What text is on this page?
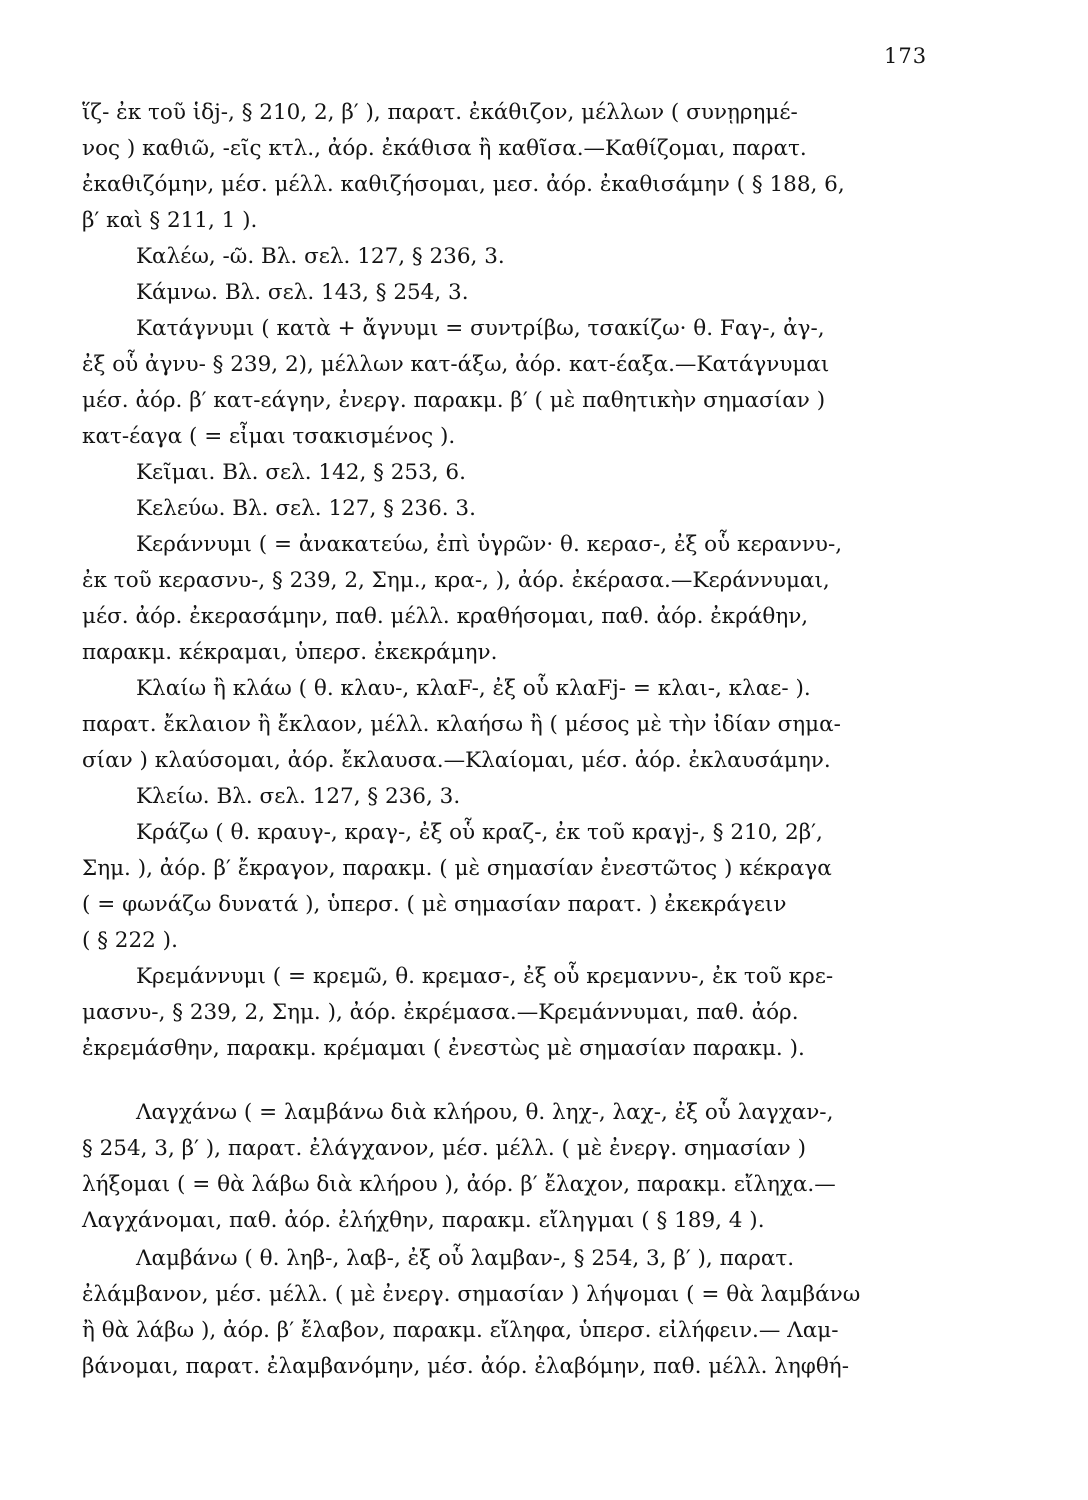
173
ἵζ- ἐκ τοῦ ἱδj-, § 210, 2, β′ ), παρατ. ἐκάθιζον, μέλλων ( συνῃρημέ-
νος ) καθιῶ, -εῖς κτλ., ἀόρ. ἐκάθισα ἢ καθῖσα.—Καθίζομαι, παρατ.
ἐκαθιζόμην, μέσ. μέλλ. καθιζήσομαι, μεσ. ἀόρ. ἐκαθισάμην ( § 188, 6,
β′ καὶ § 211, 1 ).
Καλέω, -ῶ. Βλ. σελ. 127, § 236, 3.
Κάμνω. Βλ. σελ. 143, § 254, 3.
Κατάγνυμι ( κατὰ + ἄγνυμι = συντρίβω, τσακίζω· θ. Fαγ-, ἀγ-,
ἐξ οὗ ἀγνυ- § 239, 2), μέλλων κατ-άξω, ἀόρ. κατ-έαξα.—Κατάγνυμαι
μέσ. ἀόρ. β′ κατ-εάγην, ἐνεργ. παρακμ. β′ ( μὲ παθητικὴν σημασίαν )
κατ-έαγα ( = εἶμαι τσακισμένος ).
Κεῖμαι. Βλ. σελ. 142, § 253, 6.
Κελεύω. Βλ. σελ. 127, § 236. 3.
Κεράννυμι ( = ἀνακατεύω, ἐπὶ ὑγρῶν· θ. κερασ-, ἐξ οὗ κεραννυ-,
ἐκ τοῦ κερασνυ-, § 239, 2, Σημ., κρα-, ), ἀόρ. ἐκέρασα.—Κεράννυμαι,
μέσ. ἀόρ. ἐκερασάμην, παθ. μέλλ. κραθήσομαι, παθ. ἀόρ. ἐκράθην,
παρακμ. κέκραμαι, ὑπερσ. ἐκεκράμην.
Κλαίω ἢ κλάω ( θ. κλαυ-, κλαF-, ἐξ οὗ κλαFj- = κλαι-, κλαε- ).
παρατ. ἔκλαιον ἢ ἔκλαον, μέλλ. κλαήσω ἢ ( μέσος μὲ τὴν ἰδίαν σημα-
σίαν ) κλαύσομαι, ἀόρ. ἔκλαυσα.—Κλαίομαι, μέσ. ἀόρ. ἐκλαυσάμην.
Κλείω. Βλ. σελ. 127, § 236, 3.
Κράζω ( θ. κραυγ-, κραγ-, ἐξ οὗ κραζ-, ἐκ τοῦ κραγj-, § 210, 2β′,
Σημ. ), ἀόρ. β′ ἔκραγον, παρακμ. ( μὲ σημασίαν ἐνεστῶτος ) κέκραγα
( = φωνάζω δυνατά ), ὑπερσ. ( μὲ σημασίαν παρατ. ) ἐκεκράγειν
( § 222 ).
Κρεμάννυμι ( = κρεμῶ, θ. κρεμασ-, ἐξ οὗ κρεμαννυ-, ἐκ τοῦ κρε-
μασνυ-, § 239, 2, Σημ. ), ἀόρ. ἐκρέμασα.—Κρεμάννυμαι, παθ. ἀόρ.
ἐκρεμάσθην, παρακμ. κρέμαμαι ( ἐνεστὼς μὲ σημασίαν παρακμ. ).
Λαγχάνω ( = λαμβάνω διὰ κλήρου, θ. ληχ-, λαχ-, ἐξ οὗ λαγχαν-,
§ 254, 3, β′ ), παρατ. ἐλάγχανον, μέσ. μέλλ. ( μὲ ἐνεργ. σημασίαν )
λήξομαι ( = θὰ λάβω διὰ κλήρου ), ἀόρ. β′ ἔλαχον, παρακμ. εἴληχα.—
Λαγχάνομαι, παθ. ἀόρ. ἐλήχθην, παρακμ. εἴληγμαι ( § 189, 4 ).
Λαμβάνω ( θ. ληβ-, λαβ-, ἐξ οὗ λαμβαν-, § 254, 3, β′ ), παρατ.
ἐλάμβανον, μέσ. μέλλ. ( μὲ ἐνεργ. σημασίαν ) λήψομαι ( = θὰ λαμβάνω
ἢ θὰ λάβω ), ἀόρ. β′ ἔλαβον, παρακμ. εἴληφα, ὑπερσ. εἰλήφειν.— Λαμ-
βάνομαι, παρατ. ἐλαμβανόμην, μέσ. ἀόρ. ἐλαβόμην, παθ. μέλλ. ληφθή-
